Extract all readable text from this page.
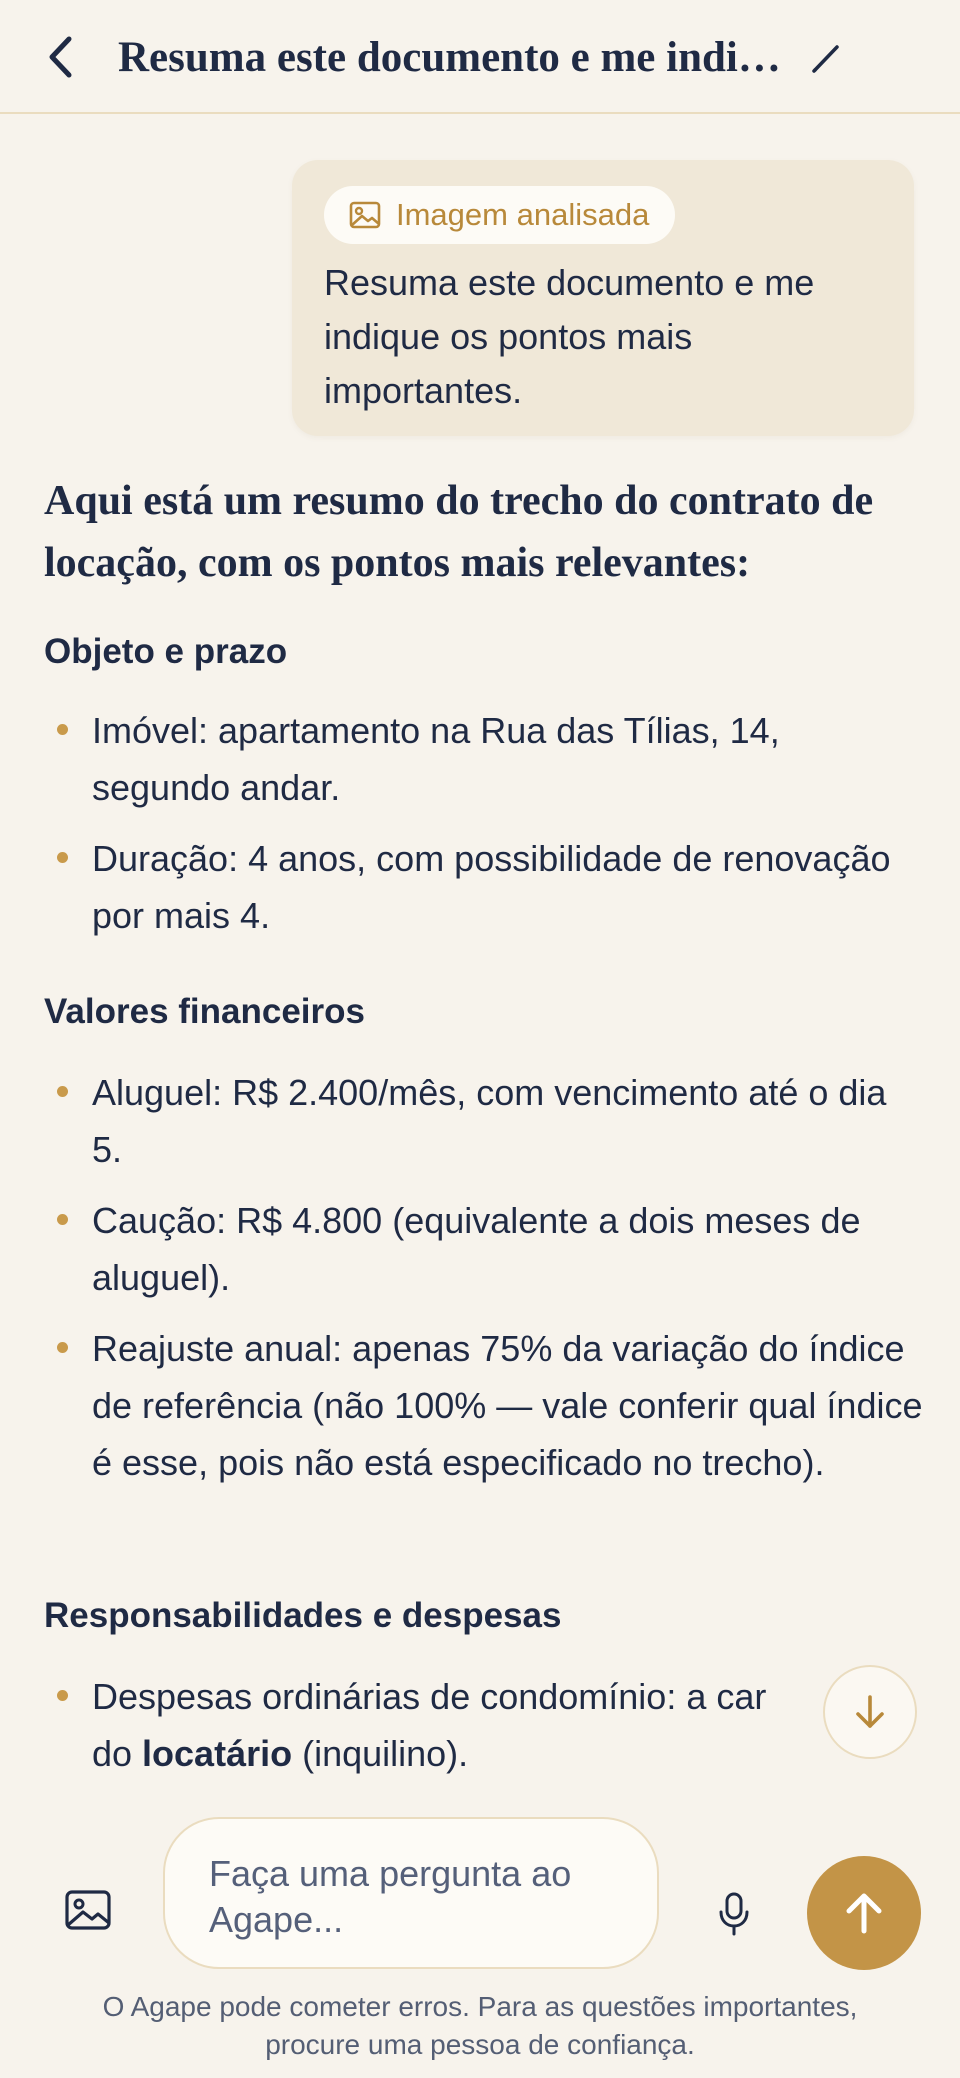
Resuma este documento e me indi…
Imagem analisada
Resuma este documento e me indique os pontos mais importantes.

Aqui está um resumo do trecho do contrato de locação, com os pontos mais relevantes:

Objeto e prazo
Imóvel: apartamento na Rua das Tílias, 14, segundo andar.
Duração: 4 anos, com possibilidade de renovação por mais 4.
Valores financeiros
Aluguel: R$ 2.400/mês, com vencimento até o dia 5.
Caução: R$ 4.800 (equivalente a dois meses de aluguel).
Reajuste anual: apenas 75% da variação do índice de referência (não 100% — vale conferir qual índice é esse, pois não está especificado no trecho).
Responsabilidades e despesas
Despesas ordinárias de condomínio: a car
do locatário (inquilino).
Faça uma pergunta ao Agape...
O Agape pode cometer erros. Para as questões importantes,
procure uma pessoa de confiança.
